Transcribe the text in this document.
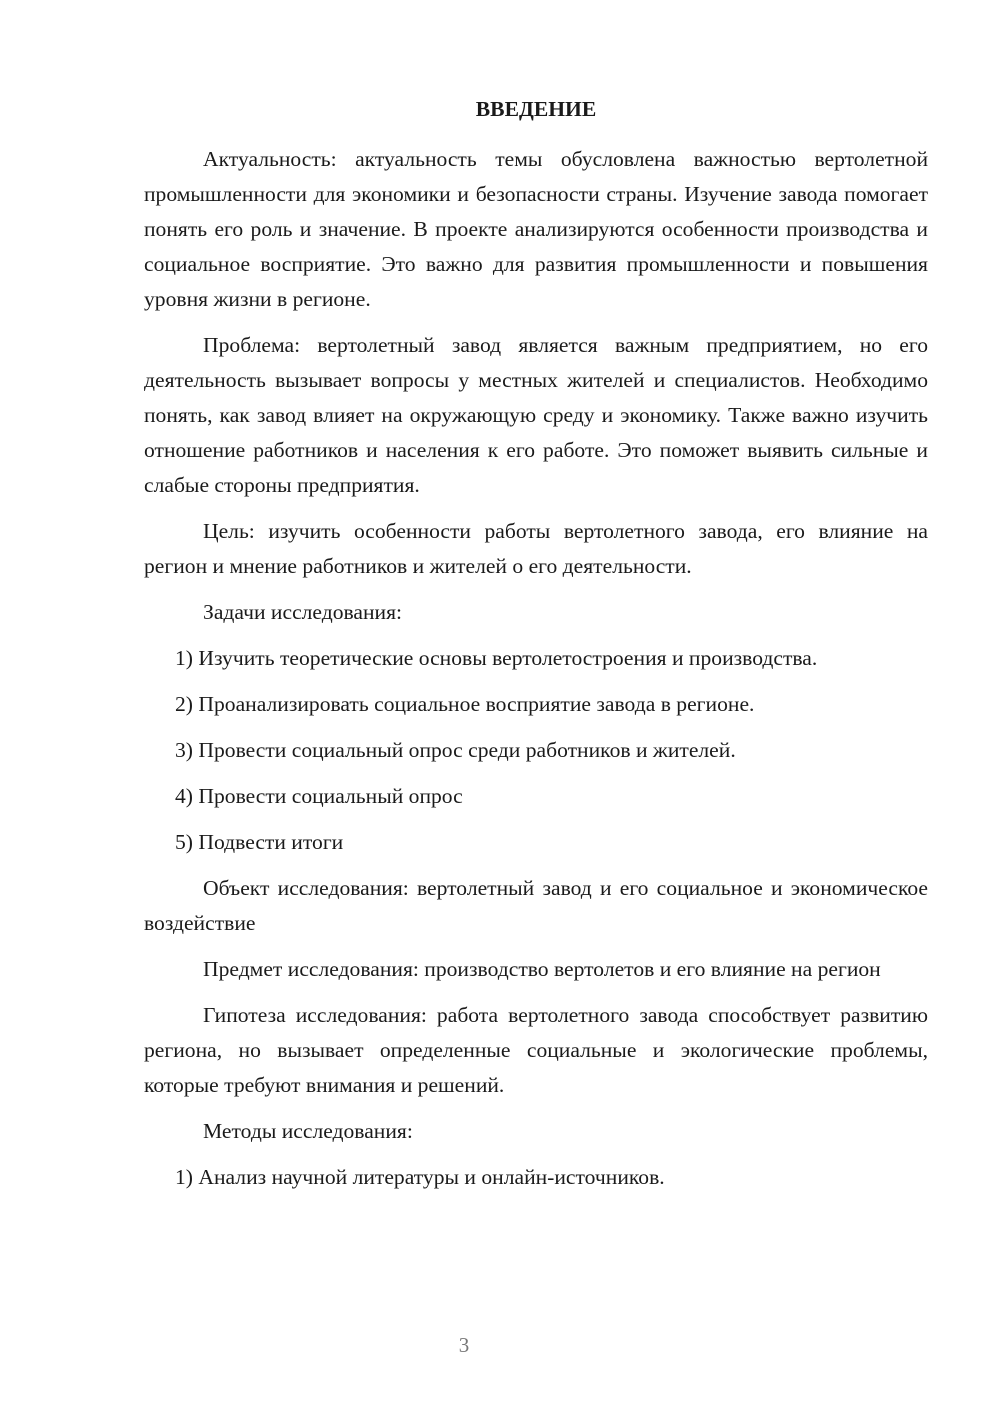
ВВЕДЕНИЕ

Актуальность: актуальность темы обусловлена важностью вертолетной промышленности для экономики и безопасности страны. Изучение завода помогает понять его роль и значение. В проекте анализируются особенности производства и социальное восприятие. Это важно для развития промышленности и повышения уровня жизни в регионе.

Проблема: вертолетный завод является важным предприятием, но его деятельность вызывает вопросы у местных жителей и специалистов. Необходимо понять, как завод влияет на окружающую среду и экономику. Также важно изучить отношение работников и населения к его работе. Это поможет выявить сильные и слабые стороны предприятия.

Цель: изучить особенности работы вертолетного завода, его влияние на регион и мнение работников и жителей о его деятельности.

Задачи исследования:

1) Изучить теоретические основы вертолетостроения и производства.

2) Проанализировать социальное восприятие завода в регионе.

3) Провести социальный опрос среди работников и жителей.

4) Провести социальный опрос

5) Подвести итоги

Объект исследования: вертолетный завод и его социальное и экономическое воздействие

Предмет исследования: производство вертолетов и его влияние на регион

Гипотеза исследования: работа вертолетного завода способствует развитию региона, но вызывает определенные социальные и экологические проблемы, которые требуют внимания и решений.

Методы исследования:

1) Анализ научной литературы и онлайн-источников.

3
